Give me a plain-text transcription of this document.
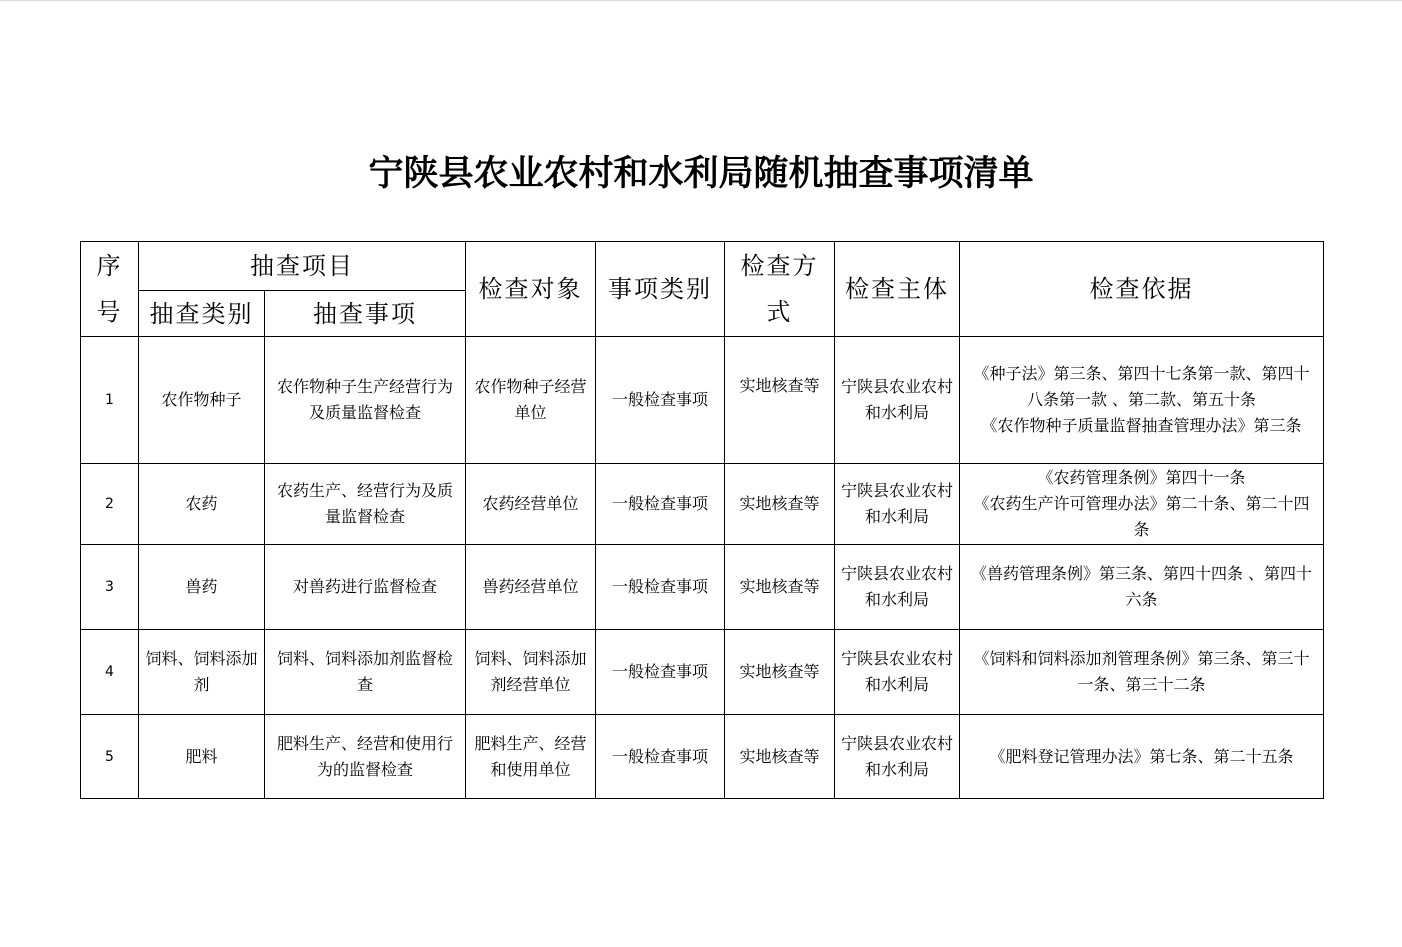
宁陕县农业农村和水利局随机抽查事项清单
序号	抽查项目		检查对象	事项类别	检查方式	检查主体	检查依据
	抽查类别	抽查事项					
1	农作物种子	农作物种子生产经营行为及质量监督检查	农作物种子经营单位	一般检查事项	实地核查等	宁陕县农业农村和水利局	《种子法》第三条、第四十七条第一款、第四十八条第一款 、第二款、第五十条
《农作物种子质量监督抽查管理办法》第三条

2	农药	农药生产、经营行为及质量监督检查	农药经营单位	一般检查事项	实地核查等	宁陕县农业农村和水利局	《农药管理条例》第四十一条
《农药生产许可管理办法》第二十条、第二十四条

3	兽药	对兽药进行监督检查	兽药经营单位	一般检查事项	实地核查等	宁陕县农业农村和水利局	《兽药管理条例》第三条、第四十四条 、第四十六条

4	饲料、饲料添加剂	饲料、饲料添加剂监督检查	饲料、饲料添加剂经营单位	一般检查事项	实地核查等	宁陕县农业农村和水利局	《饲料和饲料添加剂管理条例》第三条、第三十一条、第三十二条

5	肥料	肥料生产、经营和使用行为的监督检查	肥料生产、经营和使用单位	一般检查事项	实地核查等	宁陕县农业农村和水利局	《肥料登记管理办法》第七条、第二十五条
